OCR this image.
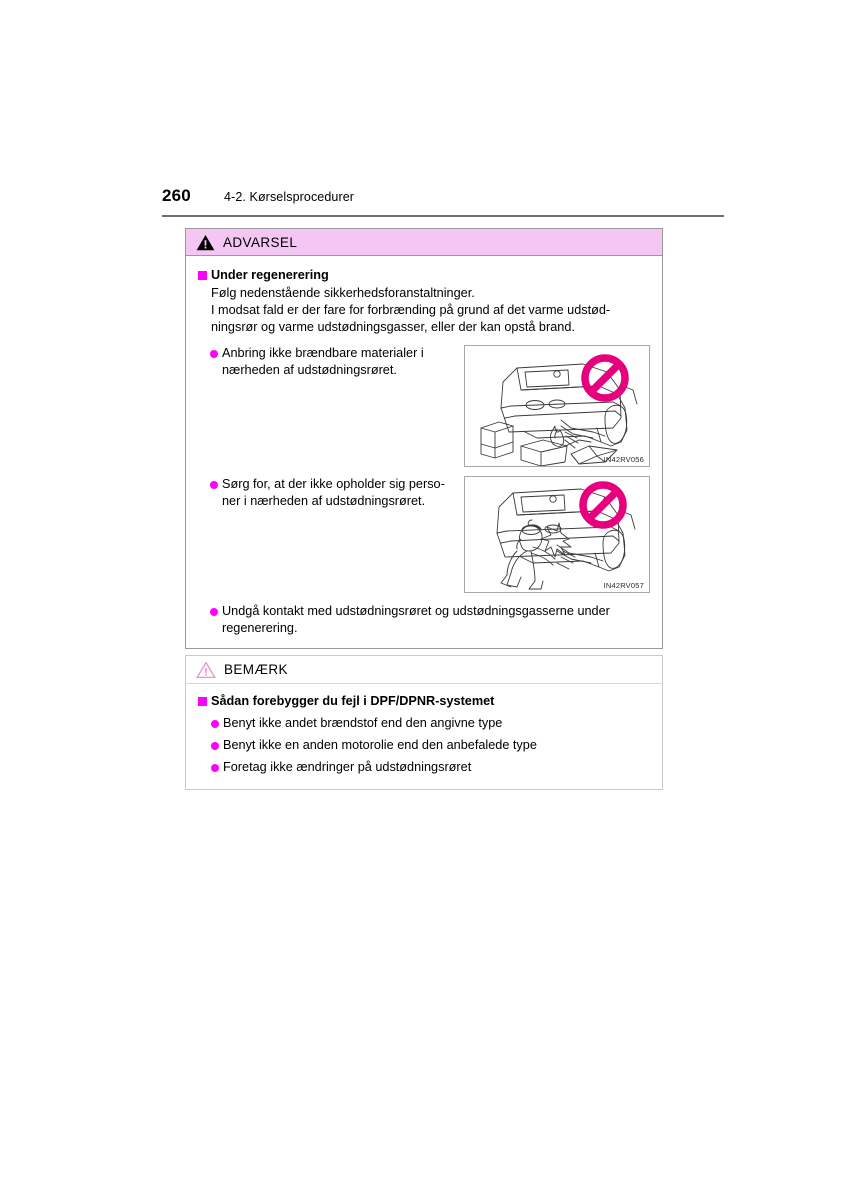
260	4-2. Kørselsprocedurer
ADVARSEL
Under regenerering
Følg nedenstående sikkerhedsforanstaltninger.
I modsat fald er der fare for forbrænding på grund af det varme udstød-
ningsrør og varme udstødningsgasser, eller der kan opstå brand.
Anbring ikke brændbare materialer i
nærheden af udstødningsrøret.
IN42RV056
Sørg for, at der ikke opholder sig perso-
ner i nærheden af udstødningsrøret.
IN42RV057
Undgå kontakt med udstødningsrøret og udstødningsgasserne under
regenerering.
BEMÆRK
Sådan forebygger du fejl i DPF/DPNR-systemet
Benyt ikke andet brændstof end den angivne type
Benyt ikke en anden motorolie end den anbefalede type
Foretag ikke ændringer på udstødningsrøret
